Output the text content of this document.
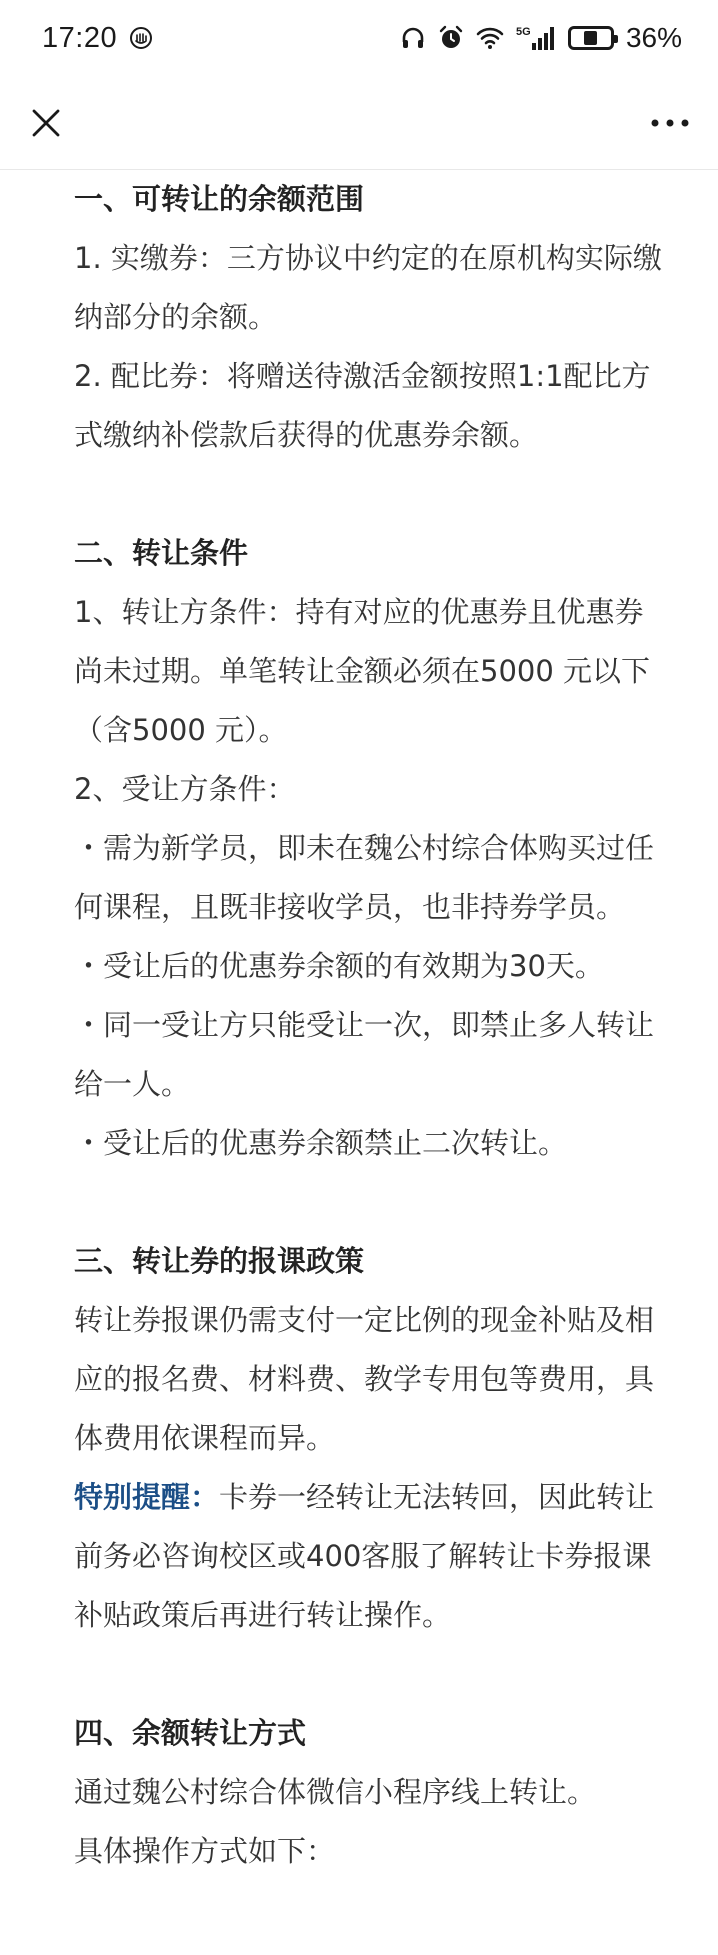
17:20	5G	36%

一、可转让的余额范围

1. 实缴券：三方协议中约定的在原机构实际缴纳部分的余额。

2. 配比券：将赠送待激活金额按照1:1配比方式缴纳补偿款后获得的优惠券余额。

二、转让条件

1、转让方条件：持有对应的优惠券且优惠券尚未过期。单笔转让金额必须在5000 元以下（含5000 元）。

2、受让方条件：

・需为新学员，即未在魏公村综合体购买过任何课程，且既非接收学员，也非持券学员。

・受让后的优惠券余额的有效期为30天。

・同一受让方只能受让一次，即禁止多人转让给一人。

・受让后的优惠券余额禁止二次转让。

三、转让券的报课政策

转让券报课仍需支付一定比例的现金补贴及相应的报名费、材料费、教学专用包等费用，具体费用依课程而异。

特别提醒：卡券一经转让无法转回，因此转让前务必咨询校区或400客服了解转让卡券报课补贴政策后再进行转让操作。

四、余额转让方式

通过魏公村综合体微信小程序线上转让。

具体操作方式如下：
